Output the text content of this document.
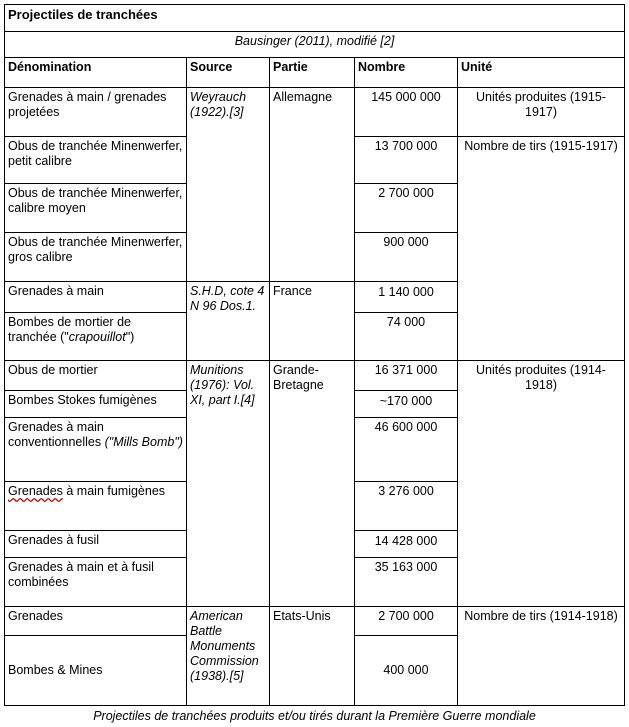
Projectiles de tranchées				
Bausinger (2011), modifié [2]				
Dénomination	Source	Partie	Nombre	Unité
Grenades à main / grenades projetées	Weyrauch (1922).[3]	Allemagne	145 000 000	Unités produites (1915-1917)
Obus de tranchée Minenwerfer, petit calibre			13 700 000	Nombre de tirs (1915-1917)
Obus de tranchée Minenwerfer, calibre moyen			2 700 000	
Obus de tranchée Minenwerfer, gros calibre			900 000	
Grenades à main	S.H.D, cote 4 N 96 Dos.1.	France	1 140 000	
Bombes de mortier de tranchée ("crapouillot")			74 000	
Obus de mortier	Munitions (1976): Vol. XI, part I.[4]	Grande-Bretagne	16 371 000	Unités produites (1914-1918)
Bombes Stokes fumigènes			~170 000	
Grenades à main conventionnelles ("Mills Bomb")			46 600 000	
Grenades à main fumigènes			3 276 000	
Grenades à fusil			14 428 000	
Grenades à main et à fusil combinées			35 163 000	
Grenades	American Battle Monuments Commission (1938).[5]	Etats-Unis	2 700 000	Nombre de tirs (1914-1918)
Bombes & Mines			400 000	
Projectiles de tranchées produits et/ou tirés durant la Première Guerre mondiale
